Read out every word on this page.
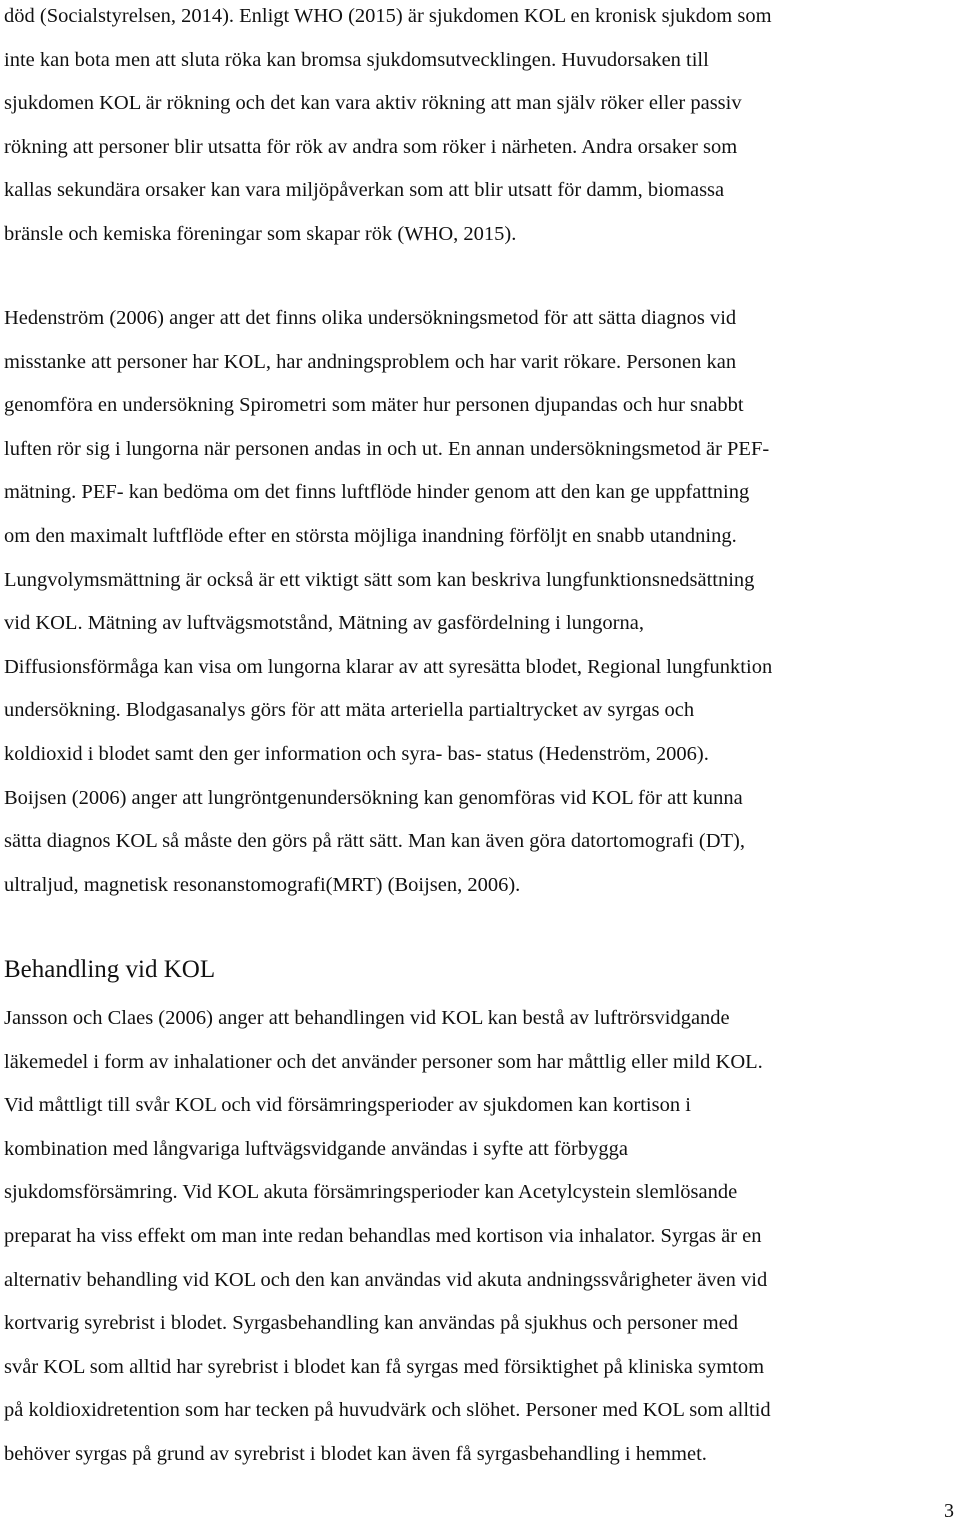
död (Socialstyrelsen, 2014). Enligt WHO (2015) är sjukdomen KOL en kronisk sjukdom som
inte kan bota men att sluta röka kan bromsa sjukdomsutvecklingen. Huvudorsaken till
sjukdomen KOL är rökning och det kan vara aktiv rökning att man själv röker eller passiv
rökning att personer blir utsatta för rök av andra som röker i närheten. Andra orsaker som
kallas sekundära orsaker kan vara miljöpåverkan som att blir utsatt för damm, biomassa
bränsle och kemiska föreningar som skapar rök (WHO, 2015).

Hedenström (2006) anger att det finns olika undersökningsmetod för att sätta diagnos vid
misstanke att personer har KOL, har andningsproblem och har varit rökare. Personen kan
genomföra en undersökning Spirometri som mäter hur personen djupandas och hur snabbt
luften rör sig i lungorna när personen andas in och ut. En annan undersökningsmetod är PEF-
mätning. PEF- kan bedöma om det finns luftflöde hinder genom att den kan ge uppfattning
om den maximalt luftflöde efter en största möjliga inandning förföljt en snabb utandning.
Lungvolymsmättning är också är ett viktigt sätt som kan beskriva lungfunktionsnedsättning
vid KOL. Mätning av luftvägsmotstånd, Mätning av gasfördelning i lungorna,
Diffusionsförmåga kan visa om lungorna klarar av att syresätta blodet, Regional lungfunktion
undersökning. Blodgasanalys görs för att mäta arteriella partialtrycket av syrgas och
koldioxid i blodet samt den ger information och syra- bas- status (Hedenström, 2006).
Boijsen (2006) anger att lungröntgenundersökning kan genomföras vid KOL för att kunna
sätta diagnos KOL så måste den görs på rätt sätt. Man kan även göra datortomografi (DT),
ultraljud, magnetisk resonanstomografi(MRT) (Boijsen, 2006).

Behandling vid KOL

Jansson och Claes (2006) anger att behandlingen vid KOL kan bestå av luftrörsvidgande
läkemedel i form av inhalationer och det använder personer som har måttlig eller mild KOL.
Vid måttligt till svår KOL och vid försämringsperioder av sjukdomen kan kortison i
kombination med långvariga luftvägsvidgande användas i syfte att förbygga
sjukdomsförsämring. Vid KOL akuta försämringsperioder kan Acetylcystein slemlösande
preparat ha viss effekt om man inte redan behandlas med kortison via inhalator. Syrgas är en
alternativ behandling vid KOL och den kan användas vid akuta andningssvårigheter även vid
kortvarig syrebrist i blodet. Syrgasbehandling kan användas på sjukhus och personer med
svår KOL som alltid har syrebrist i blodet kan få syrgas med försiktighet på kliniska symtom
på koldioxidretention som har tecken på huvudvärk och slöhet. Personer med KOL som alltid
behöver syrgas på grund av syrebrist i blodet kan även få syrgasbehandling i hemmet.

3
